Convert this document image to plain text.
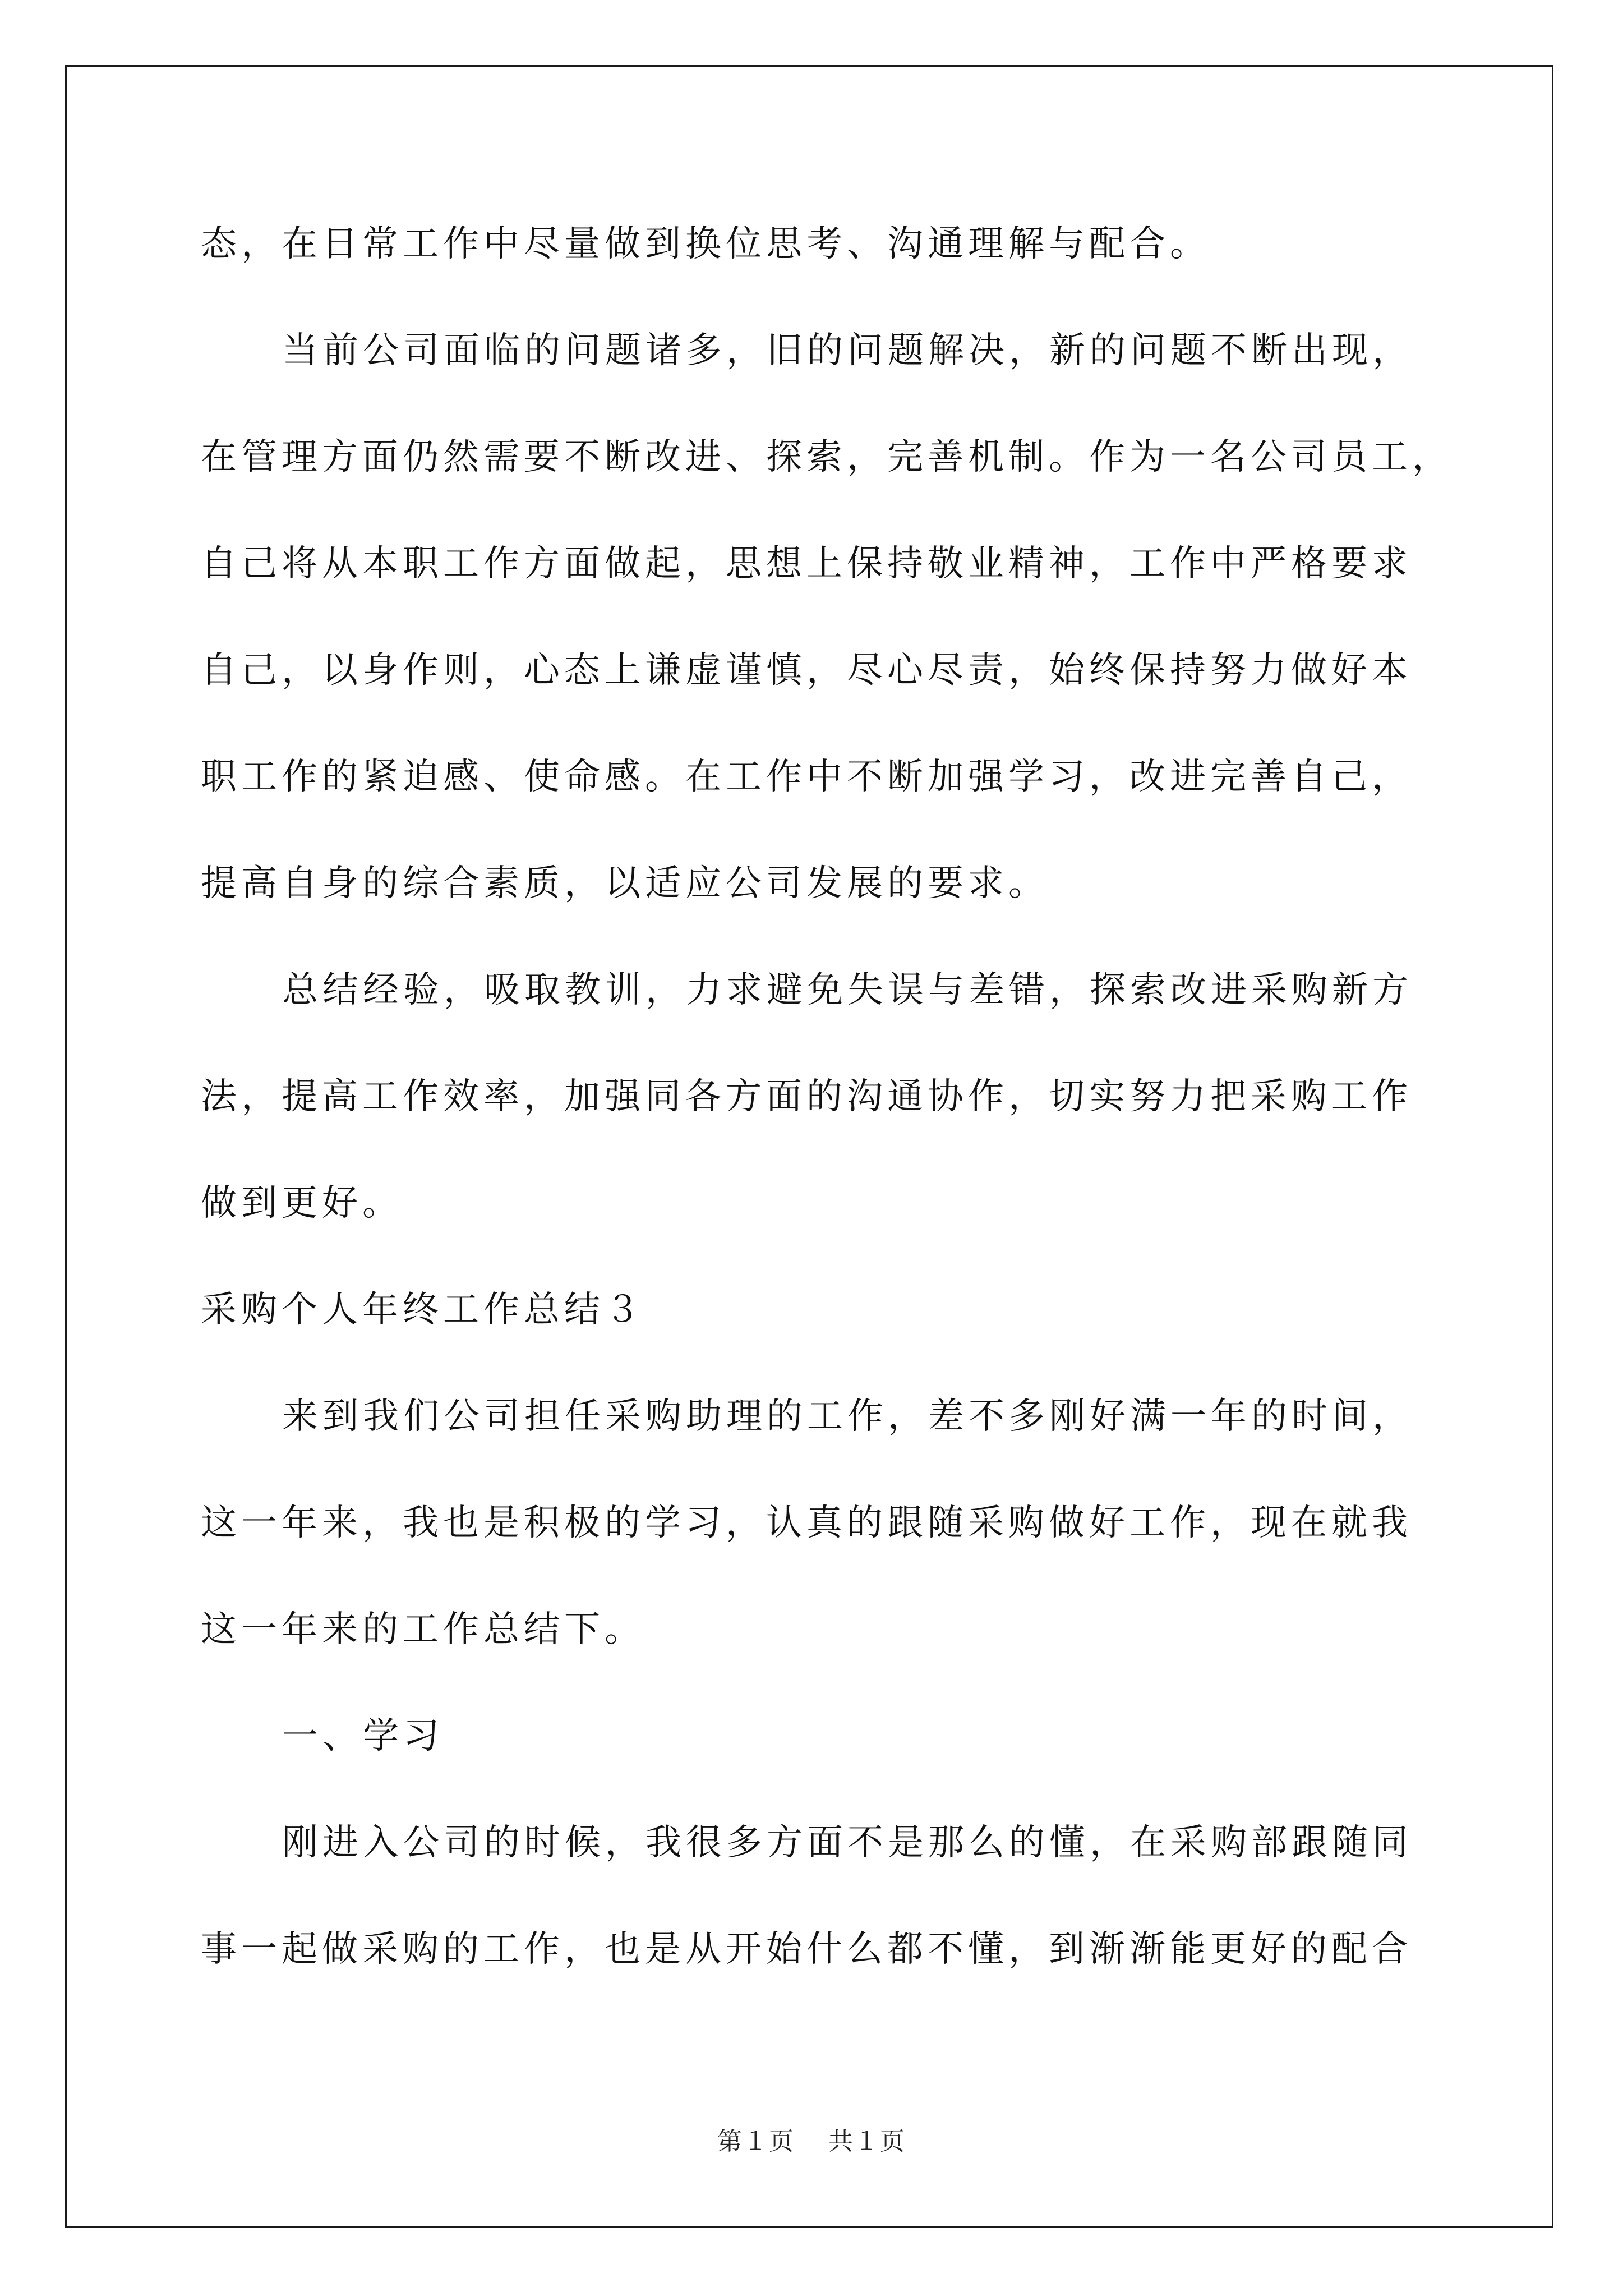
态，在日常工作中尽量做到换位思考、沟通理解与配合。
当前公司面临的问题诸多，旧的问题解决，新的问题不断出现，
在管理方面仍然需要不断改进、探索，完善机制。作为一名公司员工，
自己将从本职工作方面做起，思想上保持敬业精神，工作中严格要求
自己，以身作则，心态上谦虚谨慎，尽心尽责，始终保持努力做好本
职工作的紧迫感、使命感。在工作中不断加强学习，改进完善自己，
提高自身的综合素质，以适应公司发展的要求。
总结经验，吸取教训，力求避免失误与差错，探索改进采购新方
法，提高工作效率，加强同各方面的沟通协作，切实努力把采购工作
做到更好。
采购个人年终工作总结３
来到我们公司担任采购助理的工作，差不多刚好满一年的时间，
这一年来，我也是积极的学习，认真的跟随采购做好工作，现在就我
这一年来的工作总结下。
一、学习
刚进入公司的时候，我很多方面不是那么的懂，在采购部跟随同
事一起做采购的工作，也是从开始什么都不懂，到渐渐能更好的配合
第１页 共１页
